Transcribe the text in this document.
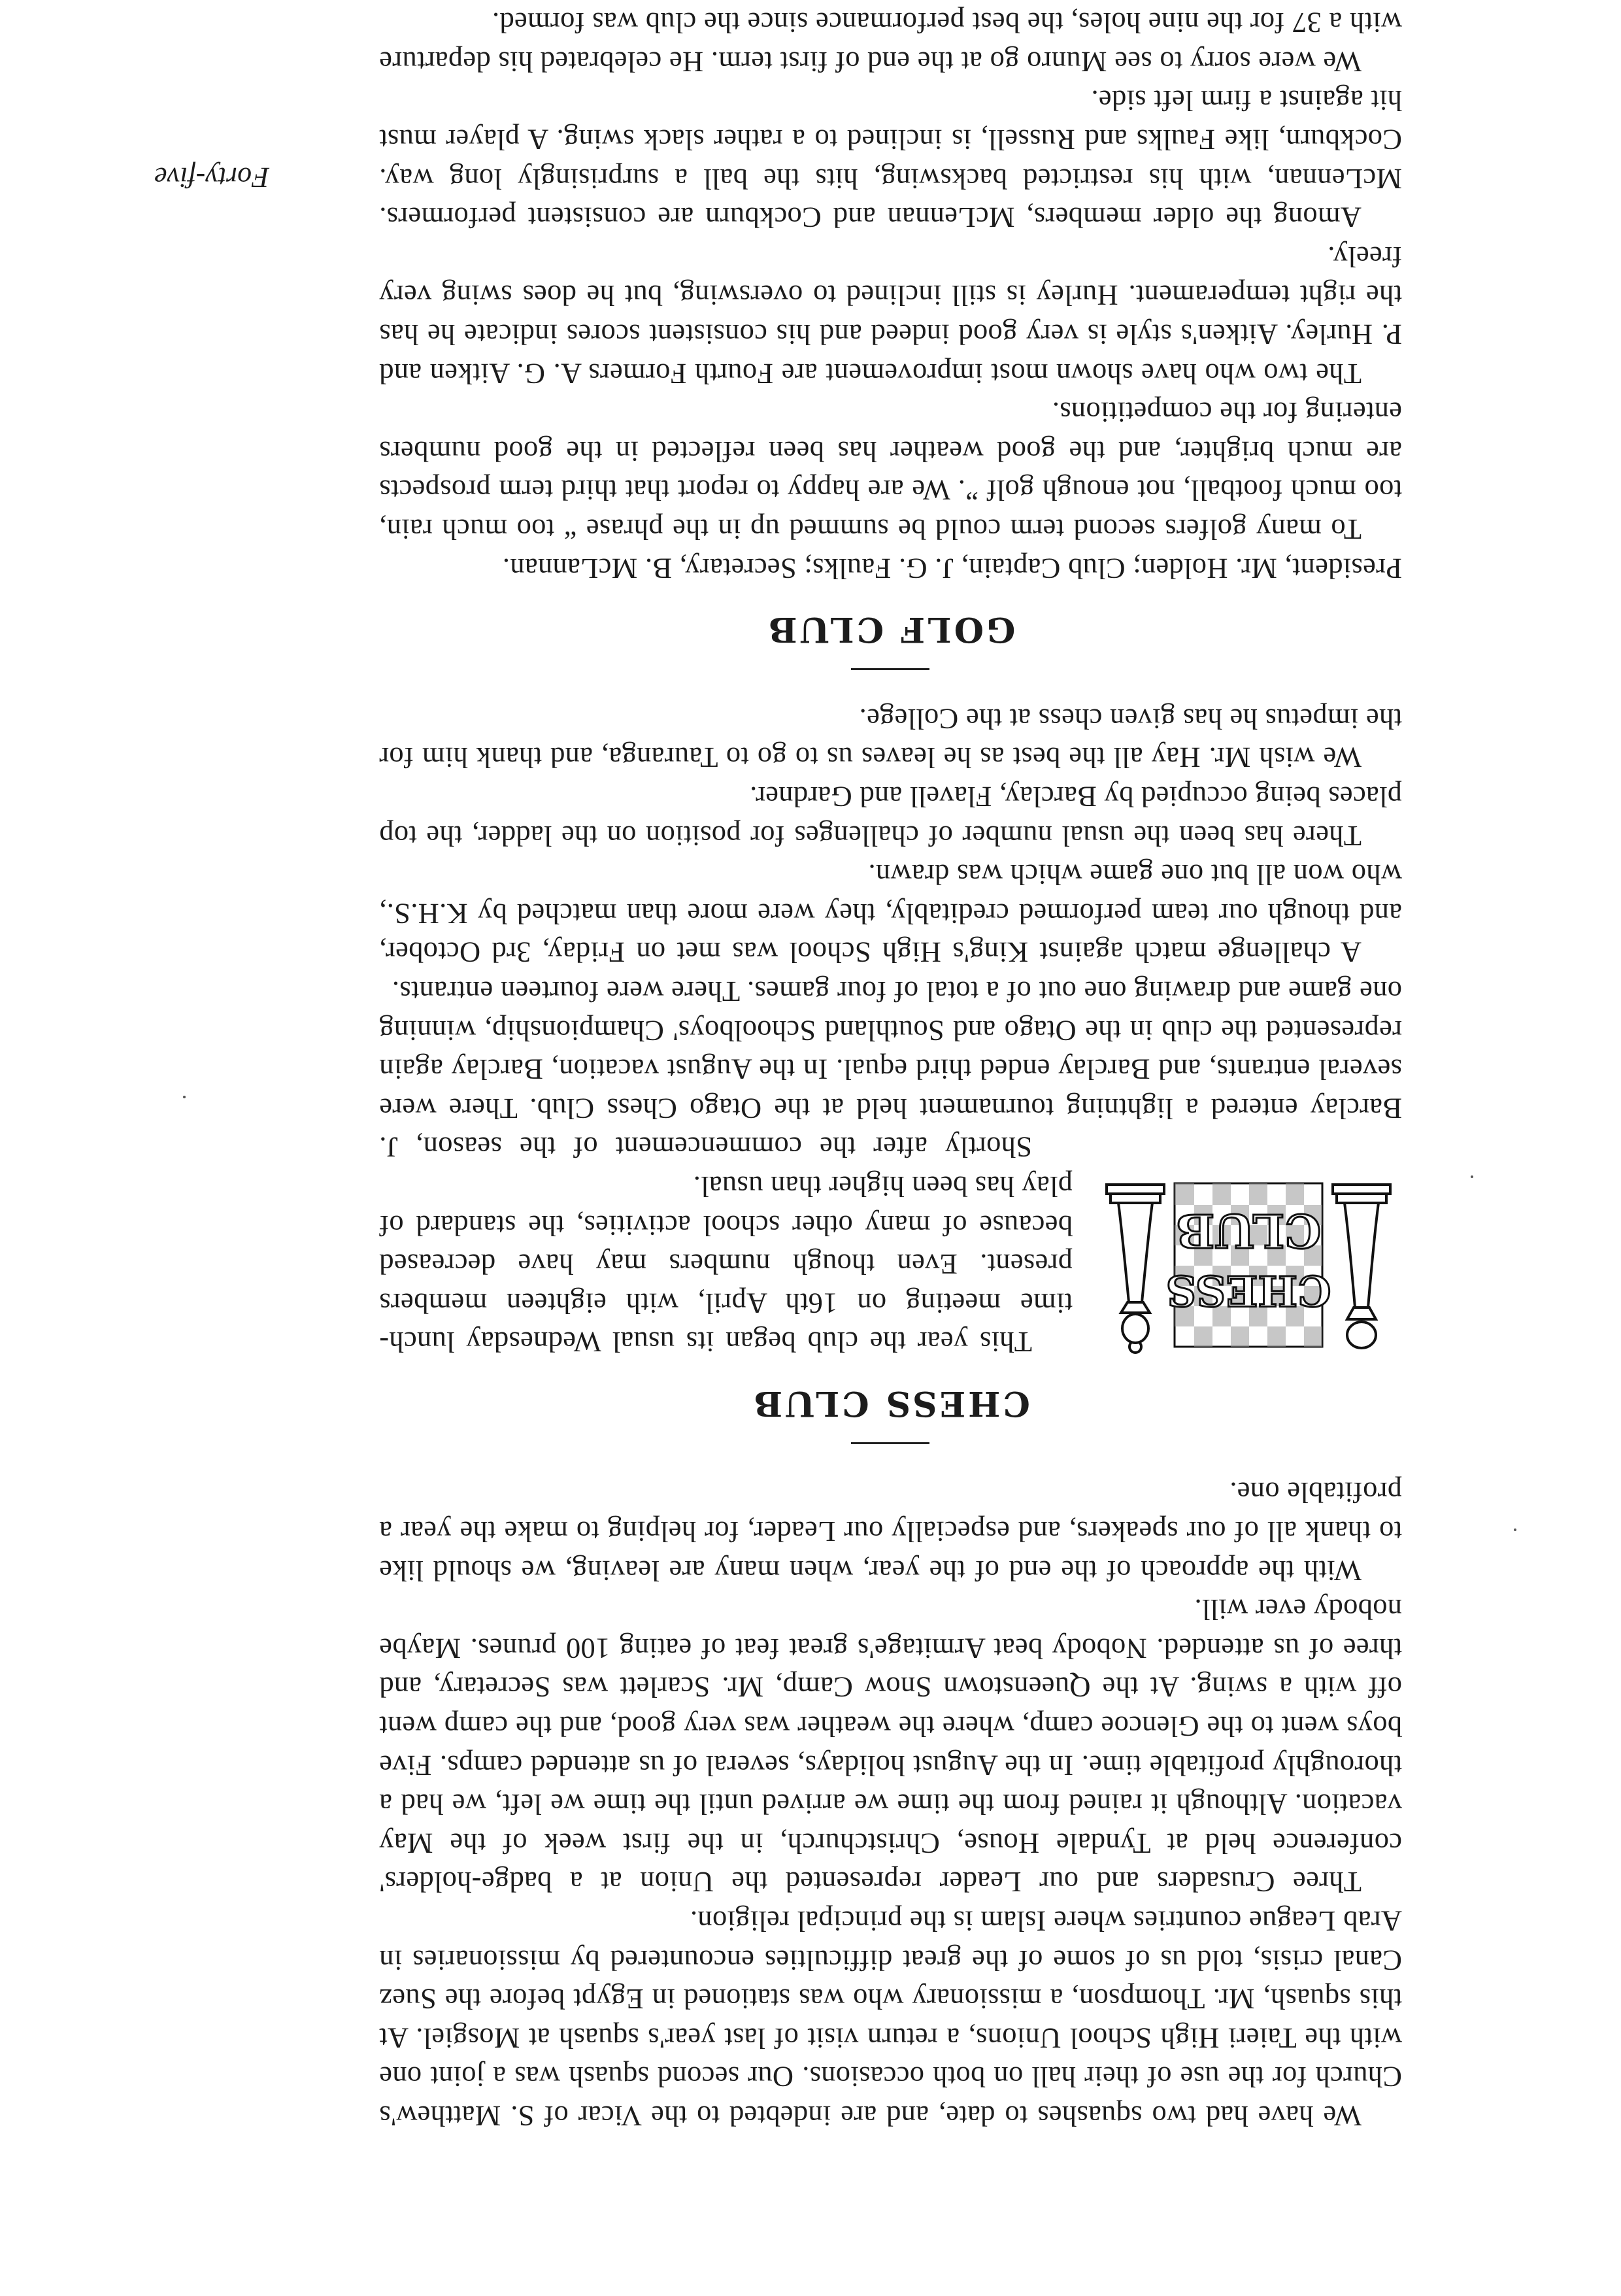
We have had two squashes to date, and are indebted to the Vicar of S. Matthew's Church for the use of their hall on both occasions. Our second squash was a joint one with the Taieri High School Unions, a return visit of last year's squash at Mosgiel. At this squash, Mr. Thompson, a missionary who was stationed in Egypt before the Suez Canal crisis, told us of some of the great difficulties encountered by missionaries in Arab League countries where Islam is the principal religion.

Three Crusaders and our Leader represented the Union at a badge-holders' conference held at Tyndale House, Christchurch, in the first week of the May vacation. Although it rained from the time we arrived until the time we left, we had a thoroughly profitable time. In the August holidays, several of us attended camps. Five boys went to the Glencoe camp, where the weather was very good, and the camp went off with a swing. At the Queenstown Snow Camp, Mr. Scarlett was Secretary, and three of us attended. Nobody beat Armitage's great feat of eating 100 prunes. Maybe nobody ever will.

With the approach of the end of the year, when many are leaving, we should like to thank all of our speakers, and especially our Leader, for helping to make the year a profitable one.

CHESS CLUB
CHESS
CLUB

This year the club began its usual Wednesday lunch-time meeting on 16th April, with eighteen members present. Even though numbers may have decreased because of many other school activities, the standard of play has been higher than usual.

Shortly after the commencement of the season, J. Barclay entered a lightning tournament held at the Otago Chess Club. There were several entrants, and Barclay ended third equal. In the August vacation, Barclay again represented the club in the Otago and Southland Schoolboys' Championship, winning one game and drawing one out of a total of four games. There were fourteen entrants.

A challenge match against King's High School was met on Friday, 3rd October, and though our team performed creditably, they were more than matched by K.H.S., who won all but one game which was drawn.

There has been the usual number of challenges for position on the ladder, the top places being occupied by Barclay, Flavell and Gardner.

We wish Mr. Hay all the best as he leaves us to go to Tauranga, and thank him for the impetus he has given chess at the College.

GOLF CLUB

President, Mr. Holden; Club Captain, J. G. Faulks; Secretary, B. McLannan.

To many golfers second term could be summed up in the phrase “ too much rain, too much football, not enough golf ”. We are happy to report that third term prospects are much brighter, and the good weather has been reflected in the good numbers entering for the competitions.

The two who have shown most improvement are Fourth Formers A. G. Aitken and P. Hurley. Aitken's style is very good indeed and his consistent scores indicate he has the right temperament. Hurley is still inclined to overswing, but he does swing very freely.

Among the older members, McLennan and Cockburn are consistent performers. McLennan, with his restricted backswing, hits the ball a surprisingly long way. Cockburn, like Faulks and Russell, is inclined to a rather slack swing. A player must hit against a firm left side.

We were sorry to see Munro go at the end of first term. He celebrated his departure with a 37 for the nine holes, the best performance since the club was formed.

Forty-five
